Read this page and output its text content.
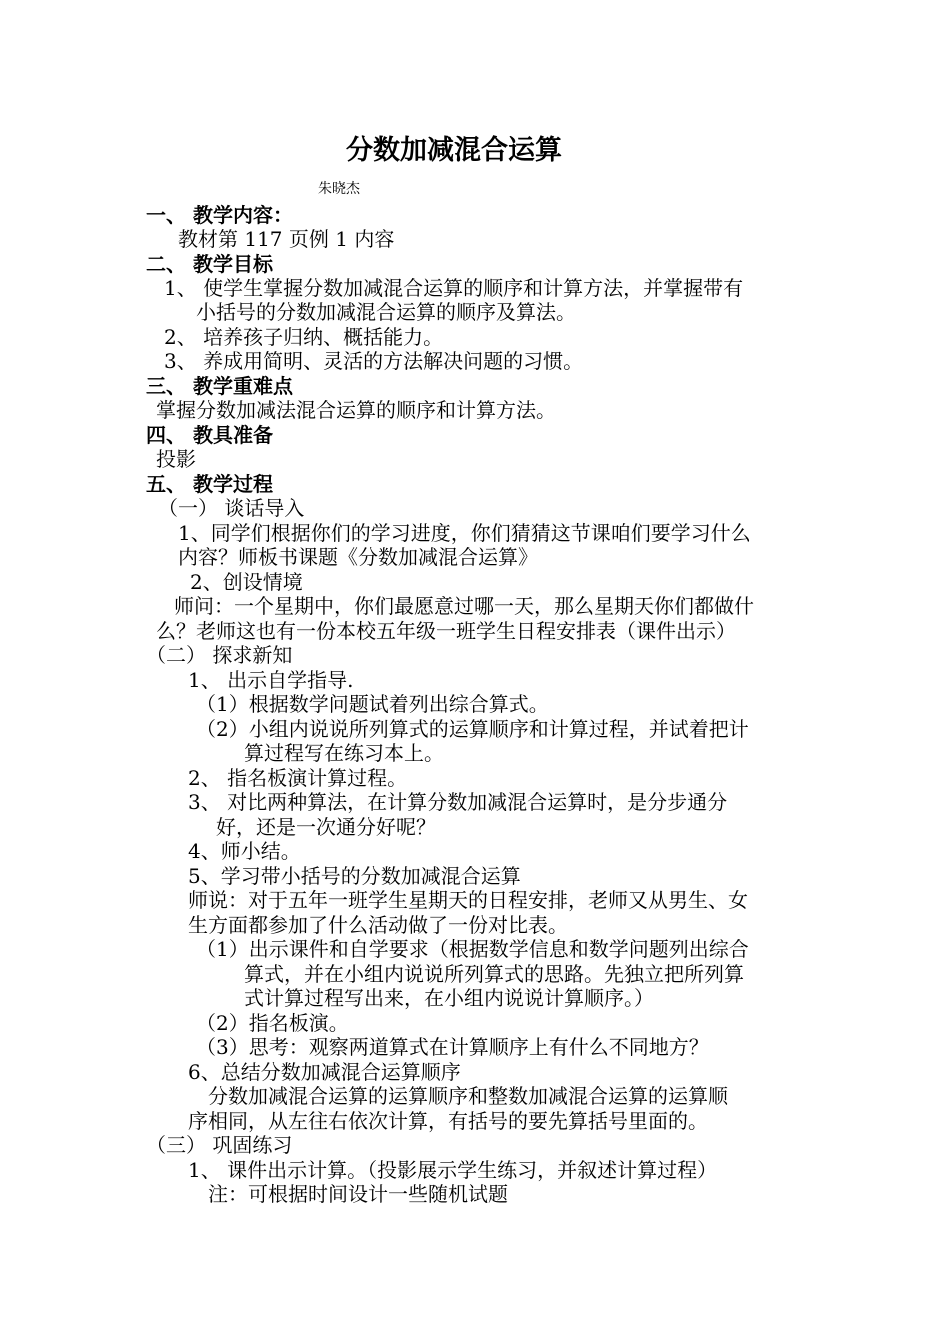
分数加减混合运算
朱晓杰
一、 教学内容：
教材第 117 页例 1 内容
二、 教学目标
1、 使学生掌握分数加减混合运算的顺序和计算方法，并掌握带有
小括号的分数加减混合运算的顺序及算法。
2、 培养孩子归纳、概括能力。
3、 养成用简明、灵活的方法解决问题的习惯。
三、 教学重难点
掌握分数加减法混合运算的顺序和计算方法。
四、 教具准备
投影
五、 教学过程
（一） 谈话导入
1、同学们根据你们的学习进度，你们猜猜这节课咱们要学习什么
内容？师板书课题《分数加减混合运算》
2、创设情境
师问：一个星期中，你们最愿意过哪一天，那么星期天你们都做什
么？老师这也有一份本校五年级一班学生日程安排表（课件出示）
（二） 探求新知
1、 出示自学指导.
（1）根据数学问题试着列出综合算式。
（2）小组内说说所列算式的运算顺序和计算过程，并试着把计
算过程写在练习本上。
2、 指名板演计算过程。
3、 对比两种算法，在计算分数加减混合运算时，是分步通分
好，还是一次通分好呢？
4、师小结。
5、学习带小括号的分数加减混合运算
师说：对于五年一班学生星期天的日程安排，老师又从男生、女
生方面都参加了什么活动做了一份对比表。
（1）出示课件和自学要求（根据数学信息和数学问题列出综合
算式，并在小组内说说所列算式的思路。先独立把所列算
式计算过程写出来，在小组内说说计算顺序。）
（2）指名板演。
（3）思考：观察两道算式在计算顺序上有什么不同地方？
6、总结分数加减混合运算顺序
分数加减混合运算的运算顺序和整数加减混合运算的运算顺
序相同，从左往右依次计算，有括号的要先算括号里面的。
（三） 巩固练习
1、 课件出示计算。（投影展示学生练习，并叙述计算过程）
注：可根据时间设计一些随机试题
